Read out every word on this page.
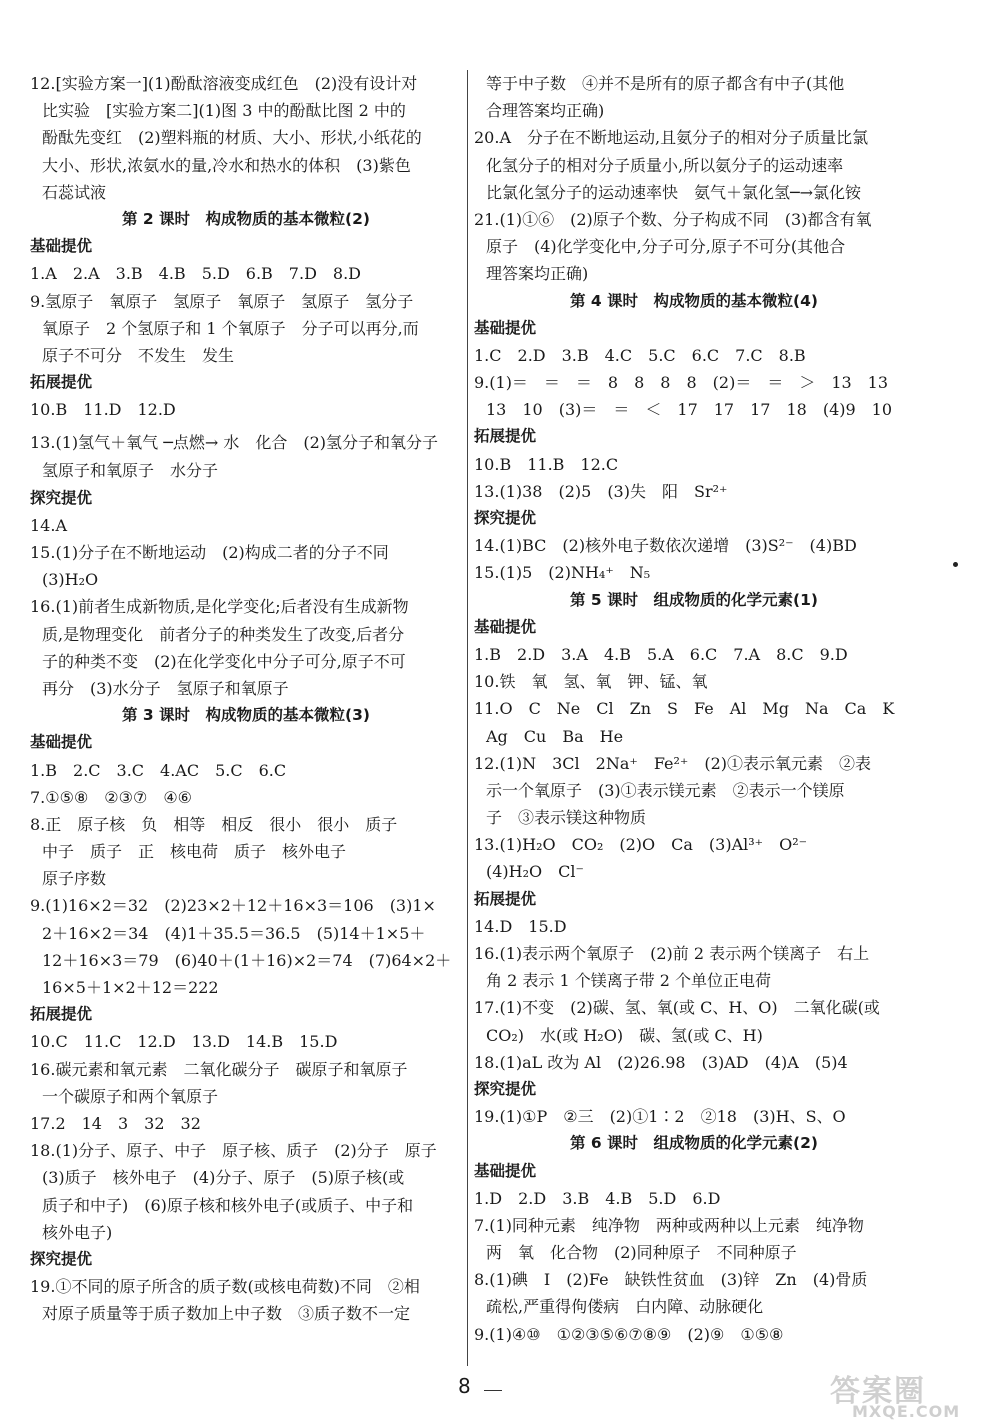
12.[实验方案一](1)酚酞溶液变成红色　(2)没有设计对
比实验　[实验方案二](1)图 3 中的酚酞比图 2 中的
酚酞先变红　(2)塑料瓶的材质、大小、形状,小纸花的
大小、形状,浓氨水的量,冷水和热水的体积　(3)紫色
石蕊试液
第 2 课时　构成物质的基本微粒(2)
基础提优
1.A　2.A　3.B　4.B　5.D　6.B　7.D　8.D
9.氢原子　氧原子　氢原子　氧原子　氢原子　氢分子
氧原子　2 个氢原子和 1 个氧原子　分子可以再分,而
原子不可分　不发生　发生
拓展提优
10.B　11.D　12.D
13.(1)氢气＋氧气 ─点燃→ 水　化合　(2)氢分子和氧分子
氢原子和氧原子　水分子
探究提优
14.A
15.(1)分子在不断地运动　(2)构成二者的分子不同
(3)H₂O
16.(1)前者生成新物质,是化学变化;后者没有生成新物
质,是物理变化　前者分子的种类发生了改变,后者分
子的种类不变　(2)在化学变化中分子可分,原子不可
再分　(3)水分子　氢原子和氧原子
第 3 课时　构成物质的基本微粒(3)
基础提优
1.B　2.C　3.C　4.AC　5.C　6.C
7.①⑤⑧　②③⑦　④⑥
8.正　原子核　负　相等　相反　很小　很小　质子
中子　质子　正　核电荷　质子　核外电子
原子序数
9.(1)16×2＝32　(2)23×2＋12＋16×3＝106　(3)1×
2＋16×2＝34　(4)1＋35.5＝36.5　(5)14＋1×5＋
12＋16×3＝79　(6)40＋(1＋16)×2＝74　(7)64×2＋
16×5＋1×2＋12＝222
拓展提优
10.C　11.C　12.D　13.D　14.B　15.D
16.碳元素和氧元素　二氧化碳分子　碳原子和氧原子
一个碳原子和两个氧原子
17.2　14　3　32　32
18.(1)分子、原子、中子　原子核、质子　(2)分子　原子
(3)质子　核外电子　(4)分子、原子　(5)原子核(或
质子和中子)　(6)原子核和核外电子(或质子、中子和
核外电子)
探究提优
19.①不同的原子所含的质子数(或核电荷数)不同　②相
对原子质量等于质子数加上中子数　③质子数不一定
等于中子数　④并不是所有的原子都含有中子(其他
合理答案均正确)
20.A　分子在不断地运动,且氨分子的相对分子质量比氯
化氢分子的相对分子质量小,所以氨分子的运动速率
比氯化氢分子的运动速率快　氨气＋氯化氢─→氯化铵
21.(1)①⑥　(2)原子个数、分子构成不同　(3)都含有氧
原子　(4)化学变化中,分子可分,原子不可分(其他合
理答案均正确)
第 4 课时　构成物质的基本微粒(4)
基础提优
1.C　2.D　3.B　4.C　5.C　6.C　7.C　8.B
9.(1)＝　＝　＝　8　8　8　8　(2)＝　＝　＞　13　13
13　10　(3)＝　＝　＜　17　17　17　18　(4)9　10
拓展提优
10.B　11.B　12.C
13.(1)38　(2)5　(3)失　阳　Sr²⁺
探究提优
14.(1)BC　(2)核外电子数依次递增　(3)S²⁻　(4)BD
15.(1)5　(2)NH₄⁺　N₅
第 5 课时　组成物质的化学元素(1)
基础提优
1.B　2.D　3.A　4.B　5.A　6.C　7.A　8.C　9.D
10.铁　氧　氢、氧　钾、锰、氧
11.O　C　Ne　Cl　Zn　S　Fe　Al　Mg　Na　Ca　K
Ag　Cu　Ba　He
12.(1)N　3Cl　2Na⁺　Fe²⁺　(2)①表示氧元素　②表
示一个氧原子　(3)①表示镁元素　②表示一个镁原
子　③表示镁这种物质
13.(1)H₂O　CO₂　(2)O　Ca　(3)Al³⁺　O²⁻
(4)H₂O　Cl⁻
拓展提优
14.D　15.D
16.(1)表示两个氧原子　(2)前 2 表示两个镁离子　右上
角 2 表示 1 个镁离子带 2 个单位正电荷
17.(1)不变　(2)碳、氢、氧(或 C、H、O)　二氧化碳(或
CO₂)　水(或 H₂O)　碳、氢(或 C、H)
18.(1)aL 改为 Al　(2)26.98　(3)AD　(4)A　(5)4
探究提优
19.(1)①P　②三　(2)①1∶2　②18　(3)H、S、O
第 6 课时　组成物质的化学元素(2)
基础提优
1.D　2.D　3.B　4.B　5.D　6.D
7.(1)同种元素　纯净物　两种或两种以上元素　纯净物
两　氧　化合物　(2)同种原子　不同种原子
8.(1)碘　I　(2)Fe　缺铁性贫血　(3)锌　Zn　(4)骨质
疏松,严重得佝偻病　白内障、动脉硬化
9.(1)④⑩　①②③⑤⑥⑦⑧⑨　(2)⑨　①⑤⑧
8	答案圈
MXQE.COM
